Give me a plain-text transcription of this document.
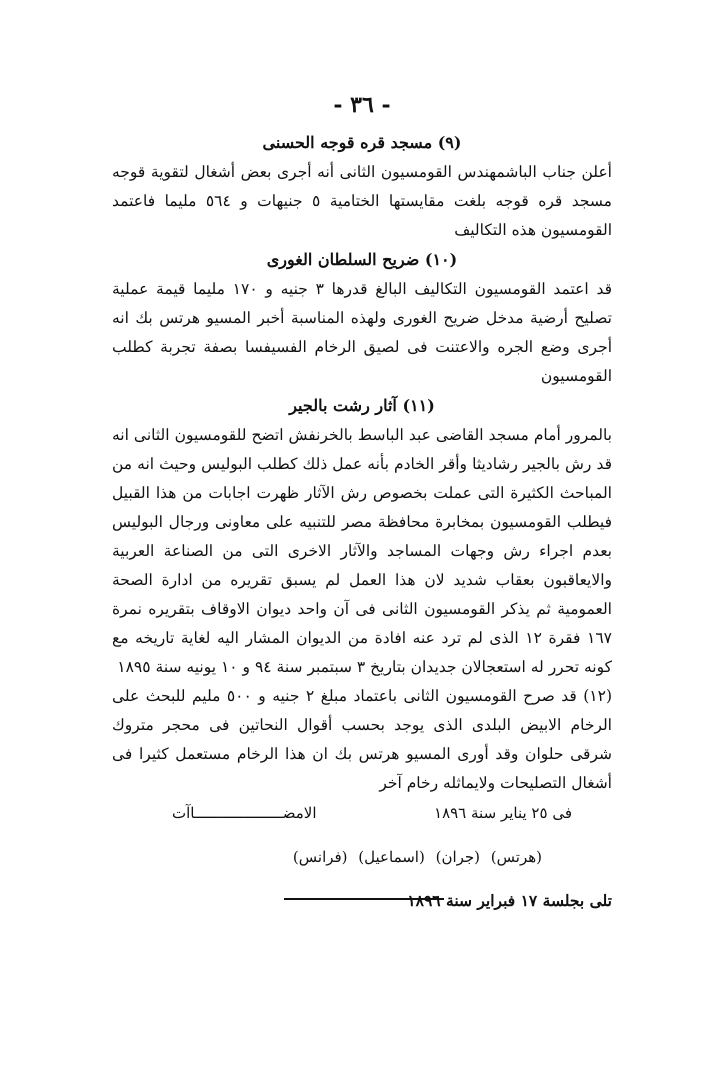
- ٣٦ -
(٩) مسجد قره قوجه الحسنى
أعلن جناب الباشمهندس القومسيون الثانى أنه أجرى بعض أشغال لتقوية قوجه مسجد قره قوجه بلغت مقايستها الختامية ٥ جنيهات و ٥٦٤ مليما فاعتمد القومسيون هذه التكاليف
(١٠) ضريح السلطان الغورى
قد اعتمد القومسيون التكاليف البالغ قدرها ٣ جنيه و ١٧٠ مليما قيمة عملية تصليح أرضية مدخل ضريح الغورى ولهذه المناسبة أخبر المسيو هرتس بك انه أجرى وضع الجره والاعتنت فى لصيق الرخام الفسيفسا بصفة تجربة كطلب القومسيون
(١١) آثار رشت بالجير
بالمرور أمام مسجد القاضى عبد الباسط بالخرنفش اتضح للقومسيون الثانى انه قد رش بالجير رشاديثا وأقر الخادم بأنه عمل ذلك كطلب البوليس وحيث انه من المباحث الكثيرة التى عملت بخصوص رش الآثار ظهرت اجابات من هذا القبيل فيطلب القومسيون بمخابرة محافظة مصر للتنبيه على معاونى ورجال البوليس بعدم اجراء رش وجهات المساجد والآثار الاخرى التى من الصناعة العربية والايعاقبون بعقاب شديد لان هذا العمل لم يسبق تقريره من ادارة الصحة العمومية ثم يذكر القومسيون الثانى فى آن واحد ديوان الاوقاف بتقريره نمرة ١٦٧ فقرة ١٢ الذى لم ترد عنه افادة من الديوان المشار اليه لغاية تاريخه مع كونه تحرر له استعجالان جديدان بتاريخ ٣ سبتمبر سنة ٩٤ و ١٠ يونيه سنة ١٨٩٥
(١٢) قد صرح القومسيون الثانى باعتماد مبلغ ٢ جنيه و ٥٠٠ مليم للبحث على الرخام الابيض البلدى الذى يوجد بحسب أقوال النحاتين فى محجر متروك شرقى حلوان وقد أورى المسيو هرتس بك ان هذا الرخام مستعمل كثيرا فى أشغال التصليحات ولايماثله رخام آخر
فى ٢٥ يناير سنة ١٨٩٦
الامضــــــــــــــــــــاآت
(هرتس) (جران) (اسماعيل) (فرانس)
تلى بجلسة ١٧ فبراير سنة ١٨٩٦
